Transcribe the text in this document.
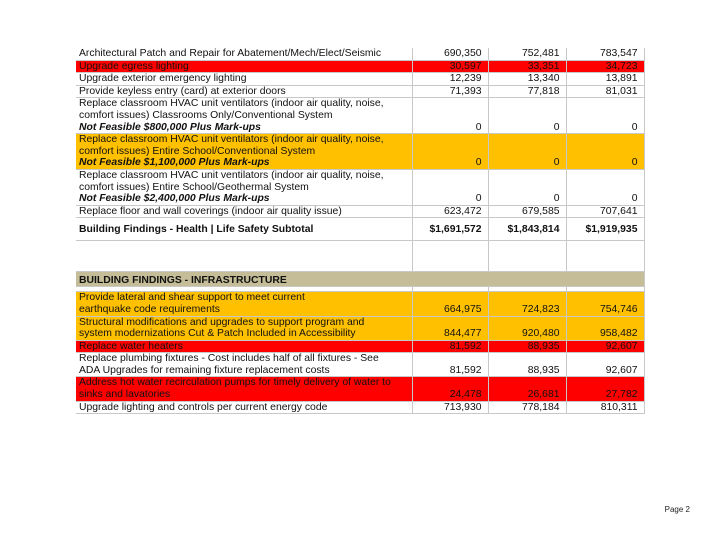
Architectural Patch and Repair for Abatement/Mech/Elect/Seismic	690,350	752,481	783,547

Upgrade egress lighting	30,597	33,351	34,723

Upgrade exterior emergency lighting	12,239	13,340	13,891

Provide keyless entry (card) at exterior doors	71,393	77,818	81,031

Replace classroom HVAC unit ventilators (indoor air quality, noise,
comfort issues) Classrooms Only/Conventional System
Not Feasible $800,000 Plus Mark-ups	0	0	0

Replace classroom HVAC unit ventilators (indoor air quality, noise,
comfort issues) Entire School/Conventional System
Not Feasible $1,100,000 Plus Mark-ups	0	0	0

Replace classroom HVAC unit ventilators (indoor air quality, noise,
comfort issues) Entire School/Geothermal System
Not Feasible $2,400,000 Plus Mark-ups	0	0	0

Replace floor and wall coverings (indoor air quality issue)	623,472	679,585	707,641
Building Findings - Health | Life Safety Subtotal	$1,691,572	$1,843,814	$1,919,935

BUILDING FINDINGS - INFRASTRUCTURE			

Provide lateral and shear support to meet current
earthquake code requirements	664,975	724,823	754,746

Structural modifications and upgrades to support program and
system modernizations Cut & Patch Included in Accessibility	844,477	920,480	958,482

Replace water heaters	81,592	88,935	92,607

Replace plumbing fixtures - Cost includes half of all fixtures - See
ADA Upgrades for remaining fixture replacement costs	81,592	88,935	92,607

Address hot water recirculation pumps for timely delivery of water to
sinks and lavatories	24,478	26,681	27,782

Upgrade lighting and controls per current energy code	713,930	778,184	810,311
Page 2
